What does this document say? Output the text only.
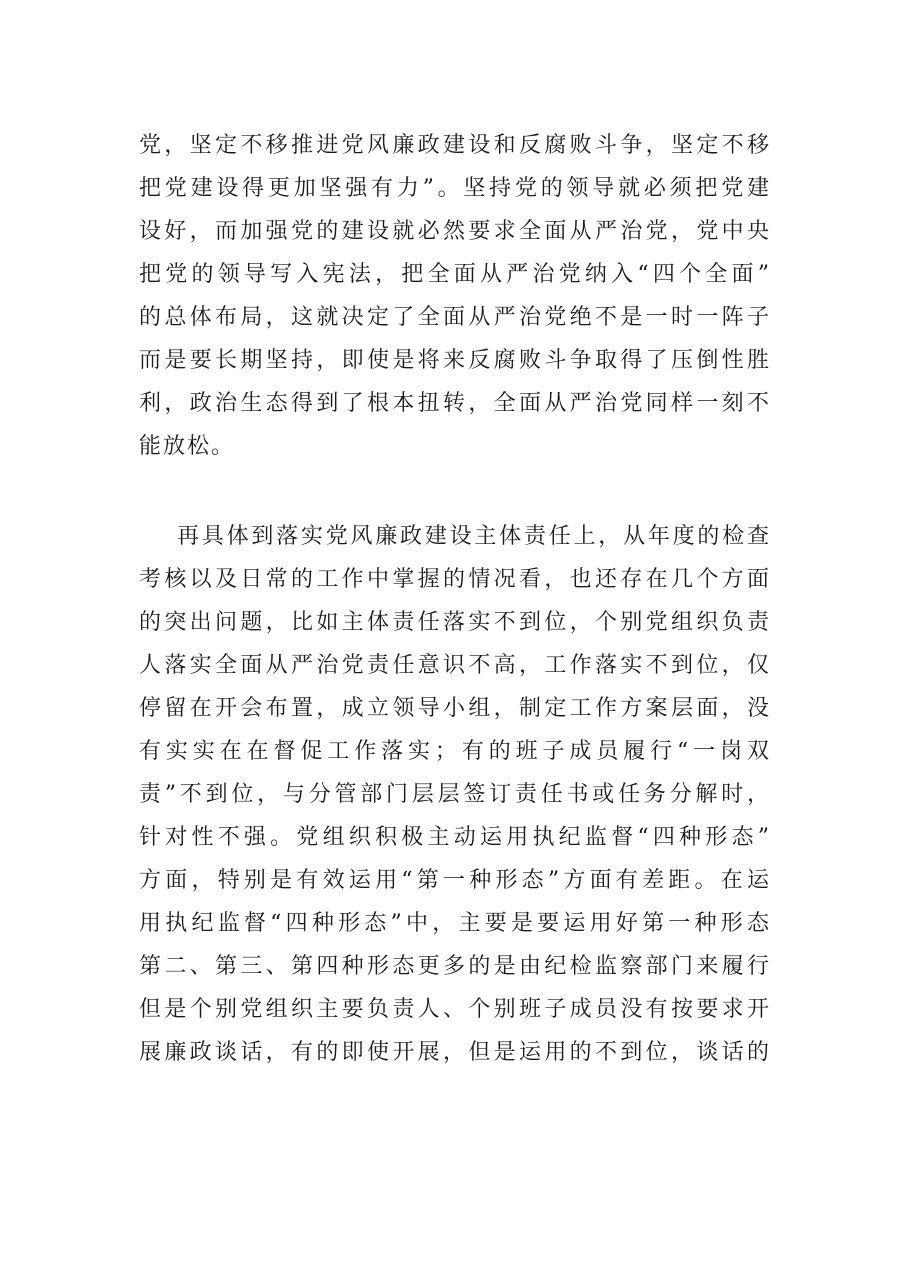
党，坚定不移推进党风廉政建设和反腐败斗争，坚定不移
把党建设得更加坚强有力”。坚持党的领导就必须把党建
设好，而加强党的建设就必然要求全面从严治党，党中央
把党的领导写入宪法，把全面从严治党纳入“四个全面”
的总体布局，这就决定了全面从严治党绝不是一时一阵子
而是要长期坚持，即使是将来反腐败斗争取得了压倒性胜
利，政治生态得到了根本扭转，全面从严治党同样一刻不
能放松。
再具体到落实党风廉政建设主体责任上，从年度的检查
考核以及日常的工作中掌握的情况看，也还存在几个方面
的突出问题，比如主体责任落实不到位，个别党组织负责
人落实全面从严治党责任意识不高，工作落实不到位，仅
停留在开会布置，成立领导小组，制定工作方案层面，没
有实实在在督促工作落实；有的班子成员履行“一岗双
责”不到位，与分管部门层层签订责任书或任务分解时，
针对性不强。党组织积极主动运用执纪监督“四种形态”
方面，特别是有效运用“第一种形态”方面有差距。在运
用执纪监督“四种形态”中，主要是要运用好第一种形态
第二、第三、第四种形态更多的是由纪检监察部门来履行
但是个别党组织主要负责人、个别班子成员没有按要求开
展廉政谈话，有的即使开展，但是运用的不到位，谈话的
